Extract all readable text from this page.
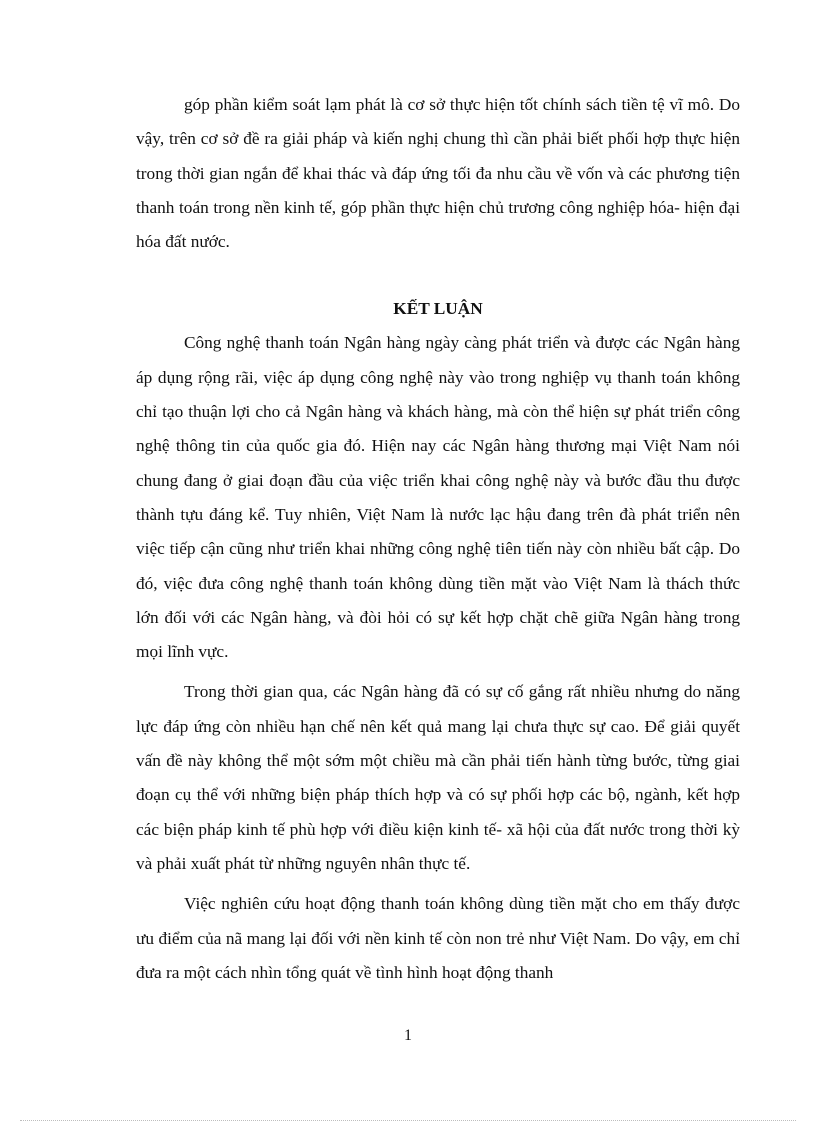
góp phần kiểm soát lạm phát là cơ sở thực hiện tốt chính sách tiền tệ vĩ mô. Do vậy, trên cơ sở đề ra giải pháp và kiến nghị chung thì cần phải biết phối hợp thực hiện trong thời gian ngắn để khai thác và đáp ứng tối đa nhu cầu về vốn và các phương tiện thanh toán trong nền kinh tế, góp phần thực hiện chủ trương công nghiệp hóa- hiện đại hóa đất nước.

KẾT LUẬN

Công nghệ thanh toán Ngân hàng ngày càng phát triển và được các Ngân hàng áp dụng rộng rãi, việc áp dụng công nghệ này vào trong nghiệp vụ thanh toán không chỉ tạo thuận lợi cho cả Ngân hàng và khách hàng, mà còn thể hiện sự phát triển công nghệ thông tin của quốc gia đó. Hiện nay các Ngân hàng thương mại Việt Nam nói chung đang ở giai đoạn đầu của việc triển khai công nghệ này và bước đầu thu được thành tựu đáng kể. Tuy nhiên, Việt Nam là nước lạc hậu đang trên đà phát triển nên việc tiếp cận cũng như triển khai những công nghệ tiên tiến này còn nhiều bất cập. Do đó, việc đưa công nghệ thanh toán không dùng tiền mặt vào Việt Nam là thách thức lớn đối với các Ngân hàng, và đòi hỏi có sự kết hợp chặt chẽ giữa Ngân hàng trong mọi lĩnh vực.

Trong thời gian qua, các Ngân hàng đã có sự cố gắng rất nhiều nhưng do năng lực đáp ứng còn nhiều hạn chế nên kết quả mang lại chưa thực sự cao. Để giải quyết vấn đề này không thể một sớm một chiều mà cần phải tiến hành từng bước, từng giai đoạn cụ thể với những biện pháp thích hợp và có sự phối hợp các bộ, ngành, kết hợp các biện pháp kinh tế phù hợp với điều kiện kinh tế- xã hội của đất nước trong thời kỳ và phải xuất phát từ những nguyên nhân thực tế.

Việc nghiên cứu hoạt động thanh toán không dùng tiền mặt cho em thấy được ưu điểm của nã mang lại đối với nền kinh tế còn non trẻ như Việt Nam. Do vậy, em chỉ đưa ra một cách nhìn tổng quát về tình hình hoạt động thanh

1
